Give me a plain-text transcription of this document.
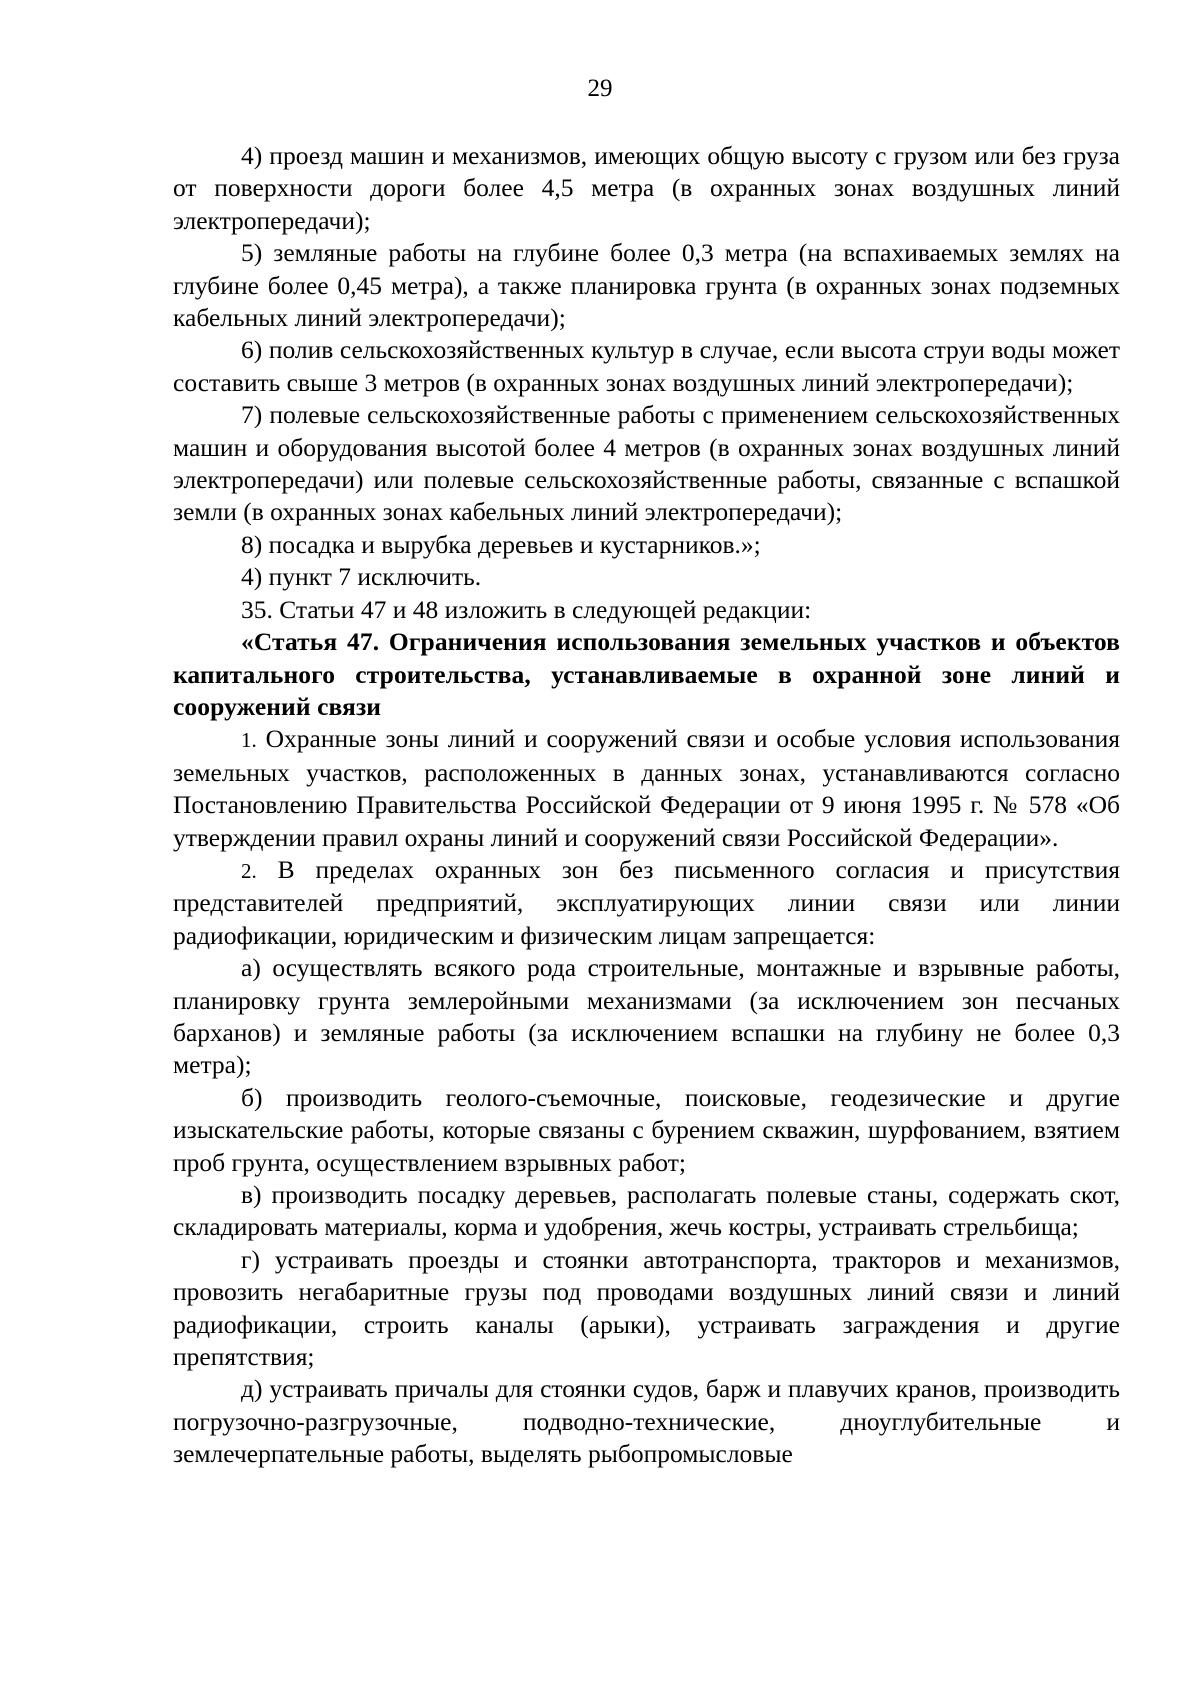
29

4) проезд машин и механизмов, имеющих общую высоту с грузом или без груза от поверхности дороги более 4,5 метра (в охранных зонах воздушных линий электропередачи);

5) земляные работы на глубине более 0,3 метра (на вспахиваемых землях на глубине более 0,45 метра), а также планировка грунта (в охранных зонах подземных кабельных линий электропередачи);

6) полив сельскохозяйственных культур в случае, если высота струи воды может составить свыше 3 метров (в охранных зонах воздушных линий электропередачи);

7) полевые сельскохозяйственные работы с применением сельскохозяйственных машин и оборудования высотой более 4 метров (в охранных зонах воздушных линий электропередачи) или полевые сельскохозяйственные работы, связанные с вспашкой земли (в охранных зонах кабельных линий электропередачи);

8) посадка и вырубка деревьев и кустарников.»;

4) пункт 7 исключить.

35. Статьи 47 и 48 изложить в следующей редакции:

«Статья 47. Ограничения использования земельных участков и объектов капитального строительства, устанавливаемые в охранной зоне линий и сооружений связи

1. Охранные зоны линий и сооружений связи и особые условия использования земельных участков, расположенных в данных зонах, устанавливаются согласно Постановлению Правительства Российской Федерации от 9 июня 1995 г. № 578 «Об утверждении правил охраны линий и сооружений связи Российской Федерации».

2. В пределах охранных зон без письменного согласия и присутствия представителей предприятий, эксплуатирующих линии связи или линии радиофикации, юридическим и физическим лицам запрещается:

а) осуществлять всякого рода строительные, монтажные и взрывные работы, планировку грунта землеройными механизмами (за исключением зон песчаных барханов) и земляные работы (за исключением вспашки на глубину не более 0,3 метра);

б) производить геолого-съемочные, поисковые, геодезические и другие изыскательские работы, которые связаны с бурением скважин, шурфованием, взятием проб грунта, осуществлением взрывных работ;

в) производить посадку деревьев, располагать полевые станы, содержать скот, складировать материалы, корма и удобрения, жечь костры, устраивать стрельбища;

г) устраивать проезды и стоянки автотранспорта, тракторов и механизмов, провозить негабаритные грузы под проводами воздушных линий связи и линий радиофикации, строить каналы (арыки), устраивать заграждения и другие препятствия;

д) устраивать причалы для стоянки судов, барж и плавучих кранов, производить погрузочно-разгрузочные, подводно-технические, дноуглубительные и землечерпательные работы, выделять рыбопромысловые
